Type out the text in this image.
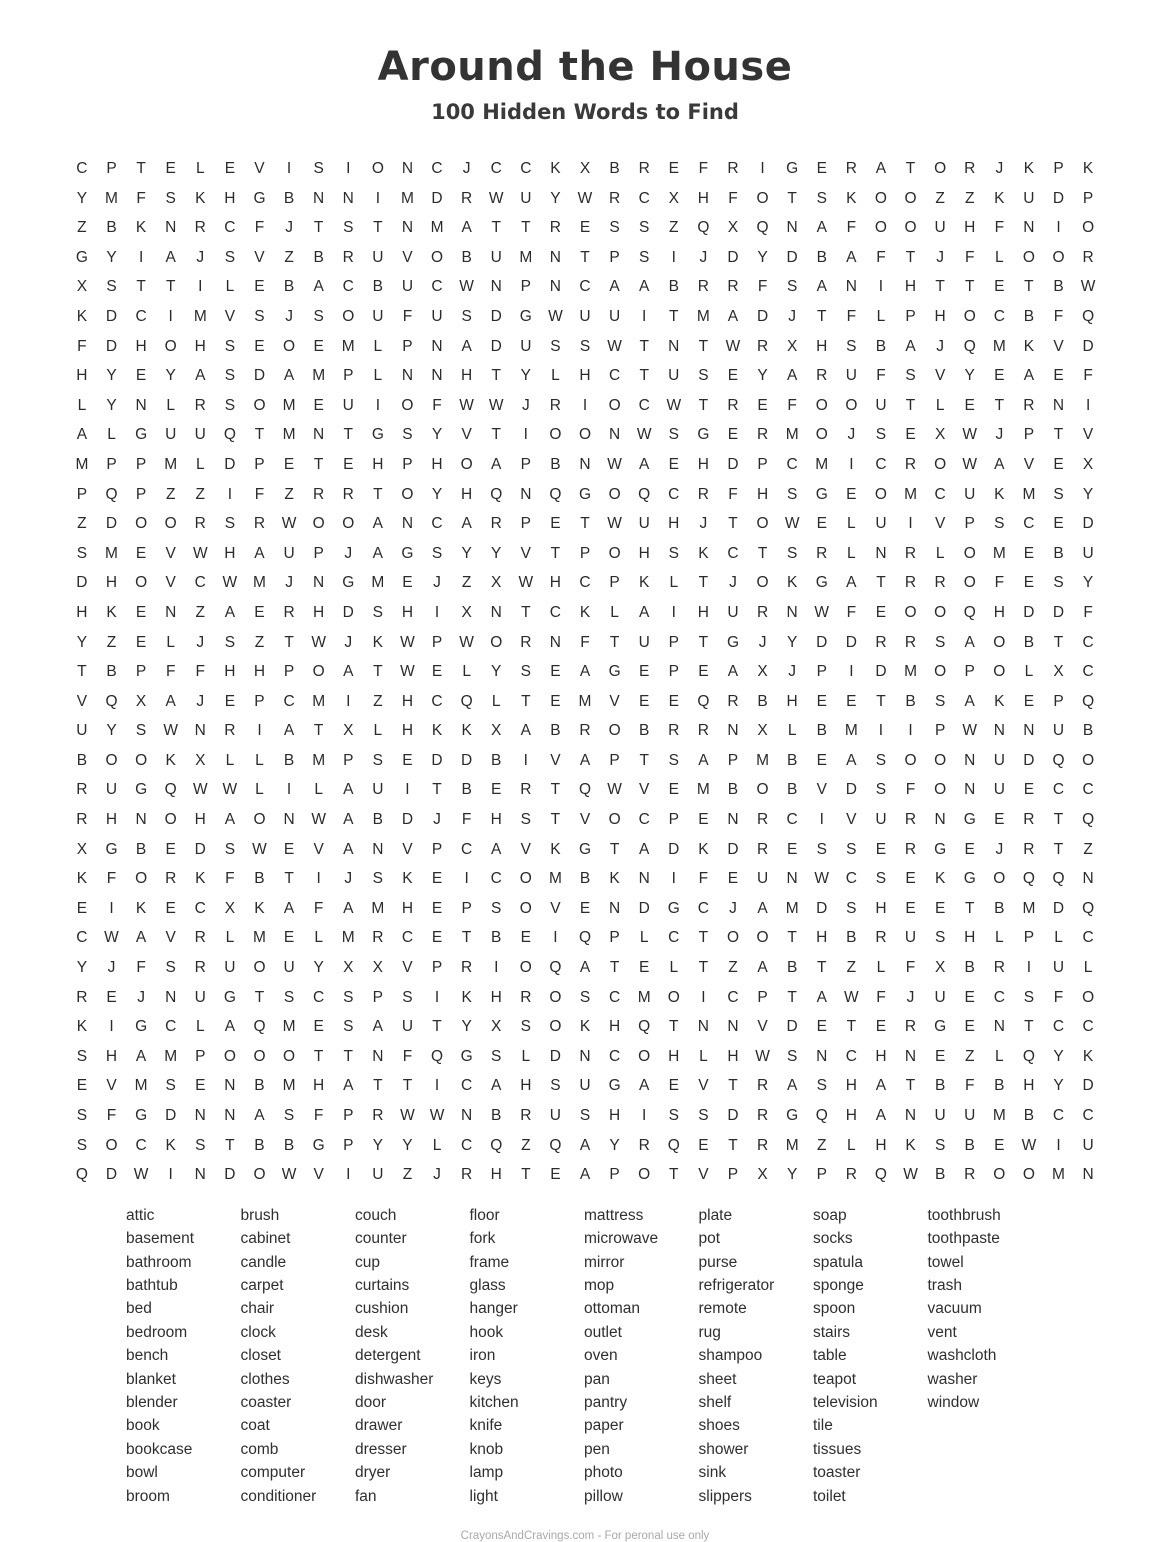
Around the House
100 Hidden Words to Find
C	P	T	E	L	E	V	I	S	I	O	N	C	J	C	C	K	X	B	R	E	F	R	I	G	E	R	A	T	O	R	J	K	P	K
Y	M	F	S	K	H	G	B	N	N	I	M	D	R	W	U	Y	W	R	C	X	H	F	O	T	S	K	O	O	Z	Z	K	U	D	P
Z	B	K	N	R	C	F	J	T	S	T	N	M	A	T	T	R	E	S	S	Z	Q	X	Q	N	A	F	O	O	U	H	F	N	I	O
G	Y	I	A	J	S	V	Z	B	R	U	V	O	B	U	M	N	T	P	S	I	J	D	Y	D	B	A	F	T	J	F	L	O	O	R
X	S	T	T	I	L	E	B	A	C	B	U	C	W	N	P	N	C	A	A	B	R	R	F	S	A	N	I	H	T	T	E	T	B	W
K	D	C	I	M	V	S	J	S	O	U	F	U	S	D	G	W	U	U	I	T	M	A	D	J	T	F	L	P	H	O	C	B	F	Q
F	D	H	O	H	S	E	O	E	M	L	P	N	A	D	U	S	S	W	T	N	T	W	R	X	H	S	B	A	J	Q	M	K	V	D
H	Y	E	Y	A	S	D	A	M	P	L	N	N	H	T	Y	L	H	C	T	U	S	E	Y	A	R	U	F	S	V	Y	E	A	E	F
L	Y	N	L	R	S	O	M	E	U	I	O	F	W W	J	R	I	O	C	W	T	R	E	F	O	O	U	T	L	E	T	R	N	I
A	L	G	U	U	Q	T	M	N	T	G	S	Y	V	T	I	O	O	N	W	S	G	E	R	M	O	J	S	E	X	W	J	P	T	V
M	P	P	M	L	D	P	E	T	E	H	P	H	O	A	P	B	N	W	A	E	H	D	P	C	M	I	C	R	O	W	A	V	E	X
P	Q	P	Z	Z	I	F	Z	R	R	T	O	Y	H	Q	N	Q	G	O	Q	C	R	F	H	S	G	E	O	M	C	U	K	M	S	Y
Z	D	O	O	R	S	R	W	O	O	A	N	C	A	R	P	E	T	W	U	H	J	T	O	W	E	L	U	I	V	P	S	C	E	D
S	M	E	V	W	H	A	U	P	J	A	G	S	Y	Y	V	T	P	O	H	S	K	C	T	S	R	L	N	R	L	O	M	E	B	U
D	H	O	V	C	W	M	J	N	G	M	E	J	Z	X	W	H	C	P	K	L	T	J	O	K	G	A	T	R	R	O	F	E	S	Y
H	K	E	N	Z	A	E	R	H	D	S	H	I	X	N	T	C	K	L	A	I	H	U	R	N	W	F	E	O	O	Q	H	D	D	F
Y	Z	E	L	J	S	Z	T	W	J	K	W	P	W	O	R	N	F	T	U	P	T	G	J	Y	D	D	R	R	S	A	O	B	T	C
T	B	P	F	F	H	H	P	O	A	T	W	E	L	Y	S	E	A	G	E	P	E	A	X	J	P	I	D	M	O	P	O	L	X	C
V	Q	X	A	J	E	P	C	M	I	Z	H	C	Q	L	T	E	M	V	E	E	Q	R	B	H	E	E	T	B	S	A	K	E	P	Q
U	Y	S	W	N	R	I	A	T	X	L	H	K	K	X	A	B	R	O	B	R	R	N	X	L	B	M	I	I	P	W	N	N	U	B
B	O	O	K	X	L	L	B	M	P	S	E	D	D	B	I	V	A	P	T	S	A	P	M	B	E	A	S	O	O	N	U	D	Q	O
R	U	G	Q	W W	L	I	L	A	U	I	T	B	E	R	T	Q	W	V	E	M	B	O	B	V	D	S	F	O	N	U	E	C	C
R	H	N	O	H	A	O	N	W	A	B	D	J	F	H	S	T	V	O	C	P	E	N	R	C	I	V	U	R	N	G	E	R	T	Q
X	G	B	E	D	S	W	E	V	A	N	V	P	C	A	V	K	G	T	A	D	K	D	R	E	S	S	E	R	G	E	J	R	T	Z
K	F	O	R	K	F	B	T	I	J	S	K	E	I	C	O	M	B	K	N	I	F	E	U	N	W	C	S	E	K	G	O	Q	Q	N
E	I	K	E	C	X	K	A	F	A	M	H	E	P	S	O	V	E	N	D	G	C	J	A	M	D	S	H	E	E	T	B	M	D	Q
C	W	A	V	R	L	M	E	L	M	R	C	E	T	B	E	I	Q	P	L	C	T	O	O	T	H	B	R	U	S	H	L	P	L	C
Y	J	F	S	R	U	O	U	Y	X	X	V	P	R	I	O	Q	A	T	E	L	T	Z	A	B	T	Z	L	F	X	B	R	I	U	L
R	E	J	N	U	G	T	S	C	S	P	S	I	K	H	R	O	S	C	M	O	I	C	P	T	A	W	F	J	U	E	C	S	F	O
K	I	G	C	L	A	Q	M	E	S	A	U	T	Y	X	S	O	K	H	Q	T	N	N	V	D	E	T	E	R	G	E	N	T	C	C
S	H	A	M	P	O	O	O	T	T	N	F	Q	G	S	L	D	N	C	O	H	L	H	W	S	N	C	H	N	E	Z	L	Q	Y	K
E	V	M	S	E	N	B	M	H	A	T	T	I	C	A	H	S	U	G	A	E	V	T	R	A	S	H	A	T	B	F	B	H	Y	D
S	F	G	D	N	N	A	S	F	P	R	W W	N	B	R	U	S	H	I	S	S	D	R	G	Q	H	A	N	U	U	M	B	C	C
S	O	C	K	S	T	B	B	G	P	Y	Y	L	C	Q	Z	Q	A	Y	R	Q	E	T	R	M	Z	L	H	K	S	B	E	W	I	U
Q	D	W	I	N	D	O	W	V	I	U	Z	J	R	H	T	E	A	P	O	T	V	P	X	Y	P	R	Q	W	B	R	O	O	M	N
attic
basement
bathroom
bathtub
bed
bedroom
bench
blanket
blender
book
bookcase
bowl
broom
brush
cabinet
candle
carpet
chair
clock
closet
clothes
coaster
coat
comb
computer
conditioner
couch
counter
cup
curtains
cushion
desk
detergent
dishwasher
door
drawer
dresser
dryer
fan
floor
fork
frame
glass
hanger
hook
iron
keys
kitchen
knife
knob
lamp
light
mattress
microwave
mirror
mop
ottoman
outlet
oven
pan
pantry
paper
pen
photo
pillow
plate
pot
purse
refrigerator
remote
rug
shampoo
sheet
shelf
shoes
shower
sink
slippers
soap
socks
spatula
sponge
spoon
stairs
table
teapot
television
tile
tissues
toaster
toilet
toothbrush
toothpaste
towel
trash
vacuum
vent
washcloth
washer
window
CrayonsAndCravings.com - For peronal use only
